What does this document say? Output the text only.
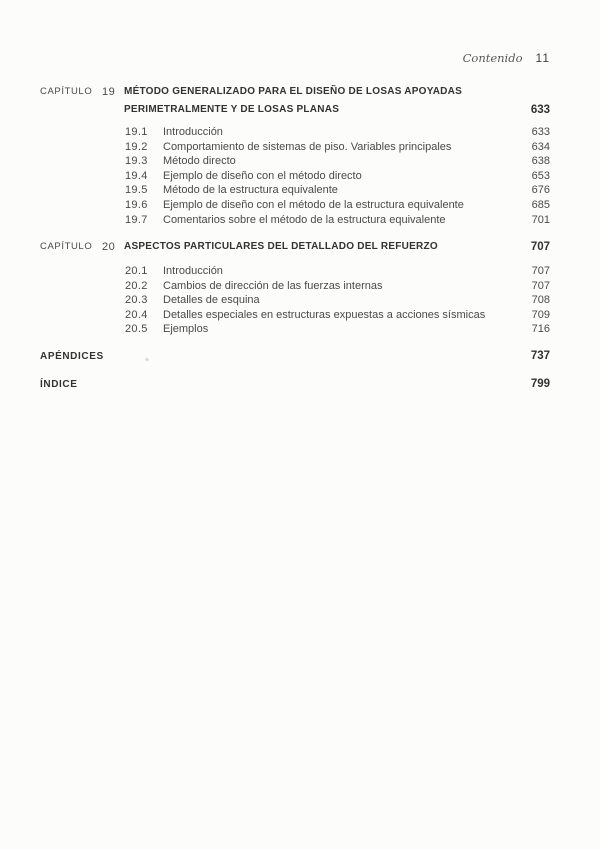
Contenido 11
CAPÍTULO 19 MÉTODO GENERALIZADO PARA EL DISEÑO DE LOSAS APOYADAS
PERIMETRALMENTE Y DE LOSAS PLANAS	633
19.1	Introducción	633
19.2	Comportamiento de sistemas de piso. Variables principales	634
19.3	Método directo	638
19.4	Ejemplo de diseño con el método directo	653
19.5	Método de la estructura equivalente	676
19.6	Ejemplo de diseño con el método de la estructura equivalente	685
19.7	Comentarios sobre el método de la estructura equivalente	701
CAPÍTULO 20 ASPECTOS PARTICULARES DEL DETALLADO DEL REFUERZO	707
20.1	Introducción	707
20.2	Cambios de dirección de las fuerzas internas	707
20.3	Detalles de esquina	708
20.4	Detalles especiales en estructuras expuestas a acciones sísmicas	709
20.5	Ejemplos	716
APÉNDICES	737
ÍNDICE	799
